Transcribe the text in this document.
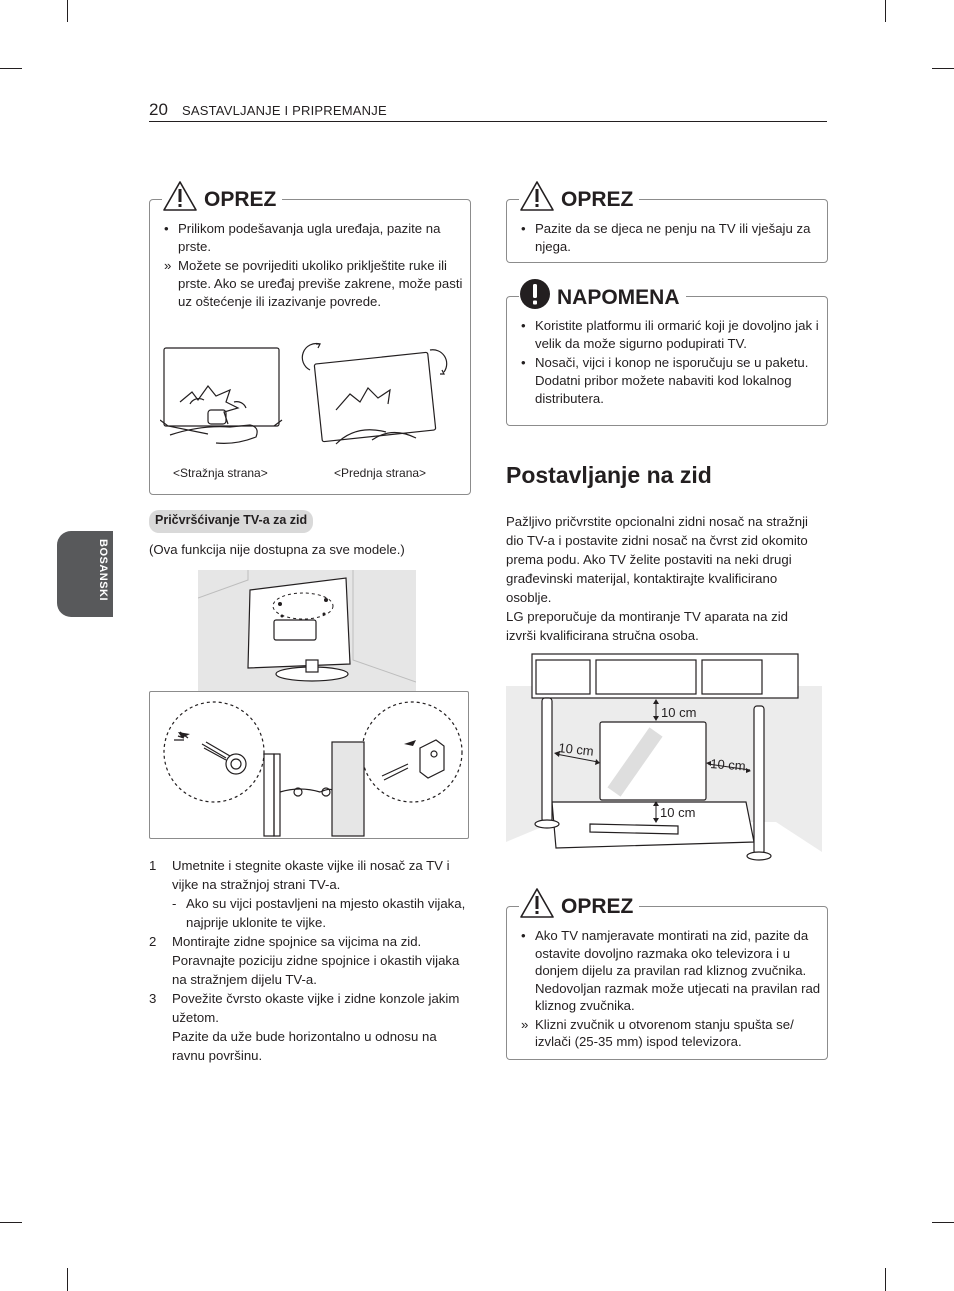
20 SASTAVLJANJE I PRIPREMANJE
BOSANSKI
• Prilikom podešavanja ugla uređaja, pazite na prste.
» Možete se povrijediti ukoliko priklještite ruke ili prste. Ako se uređaj previše zakrene, može pasti uz oštećenje ili izazivanje povrede.
<Stražnja strana>	<Prednja strana>
OPREZ
Pričvršćivanje TV-a za zid
(Ova funkcija nije dostupna za sve modele.)
1 Umetnite i stegnite okaste vijke ili nosač za TV i vijke na stražnjoj strani TV-a.
- Ako su vijci postavljeni na mjesto okastih vijaka, najprije uklonite te vijke.
2 Montirajte zidne spojnice sa vijcima na zid. Poravnajte poziciju zidne spojnice i okastih vijaka na stražnjem dijelu TV-a.
3 Povežite čvrsto okaste vijke i zidne konzole jakim užetom.
Pazite da uže bude horizontalno u odnosu na ravnu površinu.
• Pazite da se djeca ne penju na TV ili vješaju za njega.
OPREZ
• Koristite platformu ili ormarić koji je dovoljno jak i velik da može sigurno podupirati TV.
• Nosači, vijci i konop ne isporučuju se u paketu. Dodatni pribor možete nabaviti kod lokalnog distributera.
NAPOMENA
Postavljanje na zid
Pažljivo pričvrstite opcionalni zidni nosač na stražnji dio TV-a i postavite zidni nosač na čvrst zid okomito prema podu. Ako TV želite postaviti na neki drugi građevinski materijal, kontaktirajte kvalificirano osoblje.
LG preporučuje da montiranje TV aparata na zid izvrši kvalificirana stručna osoba.
10 cm
10 cm
10 cm
10 cm
• Ako TV namjeravate montirati na zid, pazite da ostavite dovoljno razmaka oko televizora i u donjem dijelu za pravilan rad kliznog zvučnika. Nedovoljan razmak može utjecati na pravilan rad kliznog zvučnika.
» Klizni zvučnik u otvorenom stanju spušta se/ izvlači (25-35 mm) ispod televizora.
OPREZ
